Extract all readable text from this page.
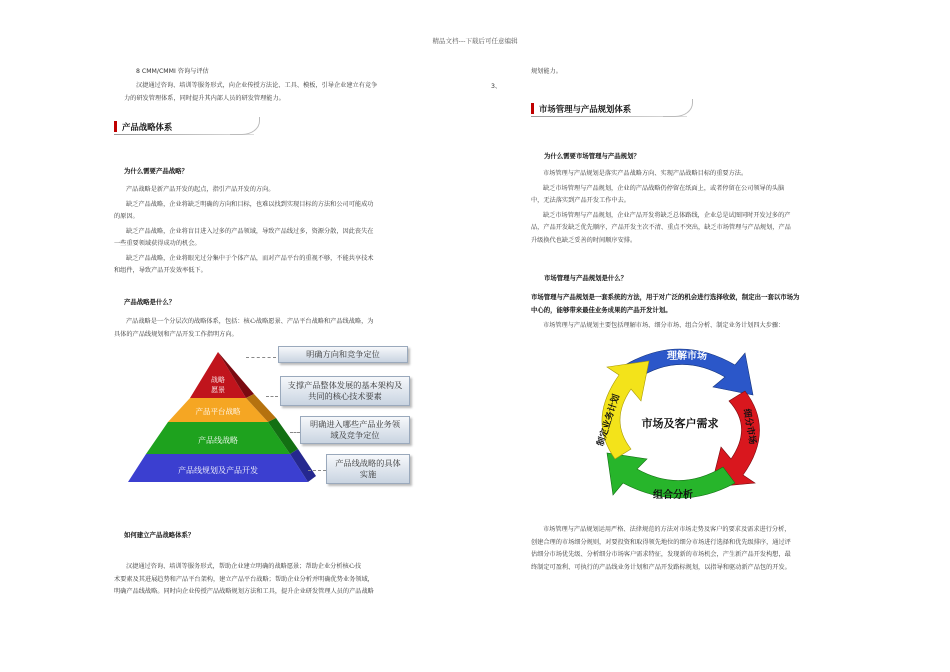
精品文档---下载后可任意编辑
8 CMM/CMMI 咨询与评估
汉捷通过咨询、培训等服务形式，向企业传授方法论、工具、模板，引导企业建立有竞争
力的研发管理体系，同时提升其内部人员的研发管理能力。
产品战略体系
为什么需要产品战略？
产品战略是新产品开发的起点，指引产品开发的方向。
缺乏产品战略，企业将缺乏明确的方向和目标，也难以找到实现目标的方法和公司可能成功
的原因。
缺乏产品战略，企业将盲目进入过多的产品领域，导致产品线过多，资源分散，因此丧失在
一些重要领域获得成功的机会。
缺乏产品战略，企业将眼光过分集中于个体产品，而对产品平台的重视不够，不能共享技术
和组件，导致产品开发效率低下。
产品战略是什么？
产品战略是一个分层次的战略体系，包括：核心战略愿景、产品平台战略和产品线战略，为
具体的产品线规划和产品开发工作指明方向。
战略
愿景
产品平台战略
产品线战略
产品线规划及产品开发
明确方向和竞争定位
支撑产品整体发展的基本架构及共同的核心技术要素
明确进入哪些产品业务领域及竞争定位
产品线战略的具体实施
如何建立产品战略体系？
汉捷通过咨询、培训等服务形式，帮助企业建立明确的战略愿景；帮助企业分析核心技
术要素及其进展趋势和产品平台架构，建立产品平台战略；帮助企业分析并明确优势业务领域，
明确产品线战略。同时向企业传授产品战略规划方法和工具，提升企业研发管理人员的产品战略
规划能力。
3、
市场管理与产品规划体系
为什么需要市场管理与产品规划？
市场管理与产品规划是落实产品战略方向、实现产品战略目标的重要方法。
缺乏市场管理与产品规划，企业的产品战略仍停留在纸面上，或者停留在公司领导的头脑
中，无法落实到产品开发工作中去。
缺乏市场管理与产品规划，企业产品开发将缺乏总体路线，企业总是试图同时开发过多的产
品，产品开发缺乏优先顺序，产品开发主次不清、重点不突出，缺乏市场管理与产品规划，产品
升级换代也缺乏妥善的时间顺序安排。
市场管理与产品规划是什么？
市场管理与产品规划是一套系统的方法，用于对广泛的机会进行选择收敛，制定出一套以市场为
中心的，能够带来最佳业务成果的产品开发计划。
市场管理与产品规划主要包括理解市场、细分市场、组合分析、制定业务计划四大步骤：
市场及客户需求
理解市场
组合分析
细分市场
制定业务计划
市场管理与产品规划运用严格、法律规范的方法对市场走势及客户的要求及需求进行分析，
创建合理的市场细分规则，对要投资和取得领先地位的细分市场进行选择和优先级排序，通过评
估细分市场优先级、分析细分市场客户需求特征，发现新的市场机会，产生新产品开发构想，最
终制定可盈利、可执行的产品线业务计划和产品开发路标规划，以指导和驱动新产品包的开发。
